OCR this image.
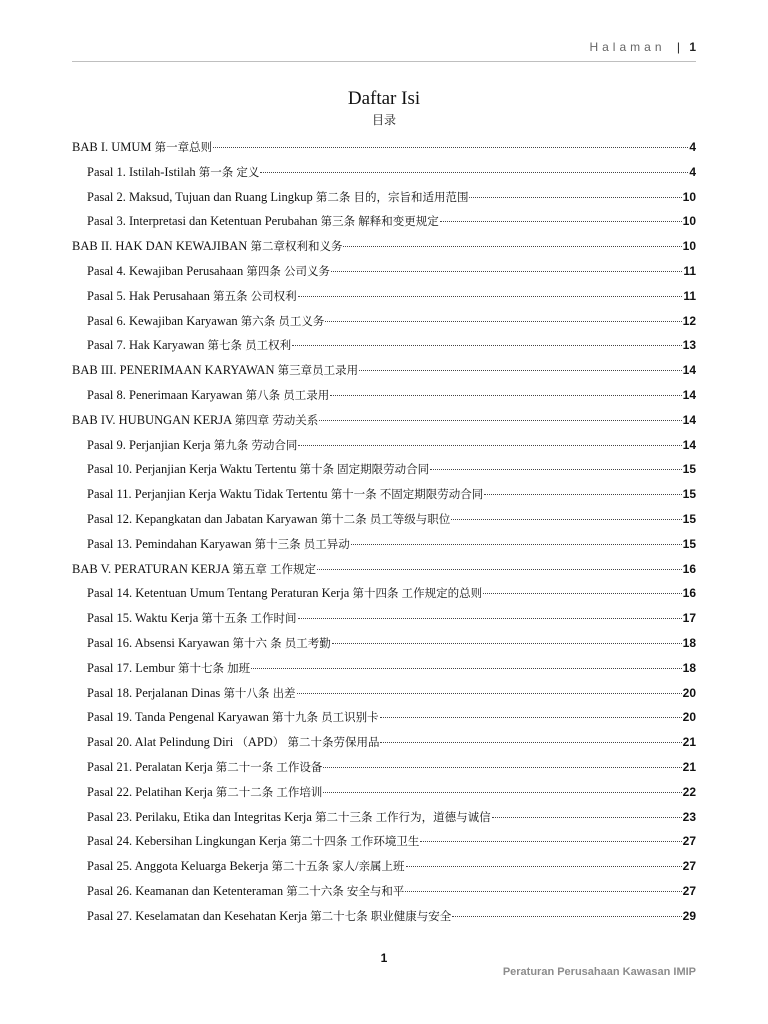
Halaman | 1
Daftar Isi
目录
BAB I. UMUM 第一章总则	4
Pasal 1. Istilah-Istilah 第一条 定义	4
Pasal 2. Maksud, Tujuan dan Ruang Lingkup 第二条 目的，宗旨和适用范围	10
Pasal 3. Interpretasi dan Ketentuan Perubahan 第三条 解释和变更规定	10
BAB II. HAK DAN KEWAJIBAN 第二章权利和义务	10
Pasal 4. Kewajiban Perusahaan 第四条 公司义务	11
Pasal 5. Hak Perusahaan 第五条 公司权利	11
Pasal 6. Kewajiban Karyawan 第六条 员工义务	12
Pasal 7. Hak Karyawan 第七条 员工权利	13
BAB III. PENERIMAAN KARYAWAN 第三章员工录用	14
Pasal 8. Penerimaan Karyawan 第八条 员工录用	14
BAB IV. HUBUNGAN KERJA 第四章 劳动关系	14
Pasal 9. Perjanjian Kerja 第九条 劳动合同	14
Pasal 10. Perjanjian Kerja Waktu Tertentu 第十条 固定期限劳动合同	15
Pasal 11. Perjanjian Kerja Waktu Tidak Tertentu 第十一条 不固定期限劳动合同	15
Pasal 12. Kepangkatan dan Jabatan Karyawan 第十二条 员工等级与职位	15
Pasal 13. Pemindahan Karyawan 第十三条 员工异动	15
BAB V. PERATURAN KERJA 第五章 工作规定	16
Pasal 14. Ketentuan Umum Tentang Peraturan Kerja 第十四条 工作规定的总则	16
Pasal 15. Waktu Kerja 第十五条 工作时间	17
Pasal 16. Absensi Karyawan 第十六 条 员工考勤	18
Pasal 17. Lembur 第十七条 加班	18
Pasal 18. Perjalanan Dinas 第十八条 出差	20
Pasal 19. Tanda Pengenal Karyawan 第十九条 员工识别卡	20
Pasal 20. Alat Pelindung Diri （APD） 第二十条劳保用品	21
Pasal 21. Peralatan Kerja 第二十一条 工作设备	21
Pasal 22. Pelatihan Kerja 第二十二条 工作培训	22
Pasal 23. Perilaku, Etika dan Integritas Kerja 第二十三条 工作行为，道德与诚信	23
Pasal 24. Kebersihan Lingkungan Kerja 第二十四条 工作环境卫生	27
Pasal 25. Anggota Keluarga Bekerja 第二十五条 家人/亲属上班	27
Pasal 26. Keamanan dan Ketenteraman 第二十六条 安全与和平	27
Pasal 27. Keselamatan dan Kesehatan Kerja 第二十七条 职业健康与安全	29
1
Peraturan Perusahaan Kawasan IMIP
